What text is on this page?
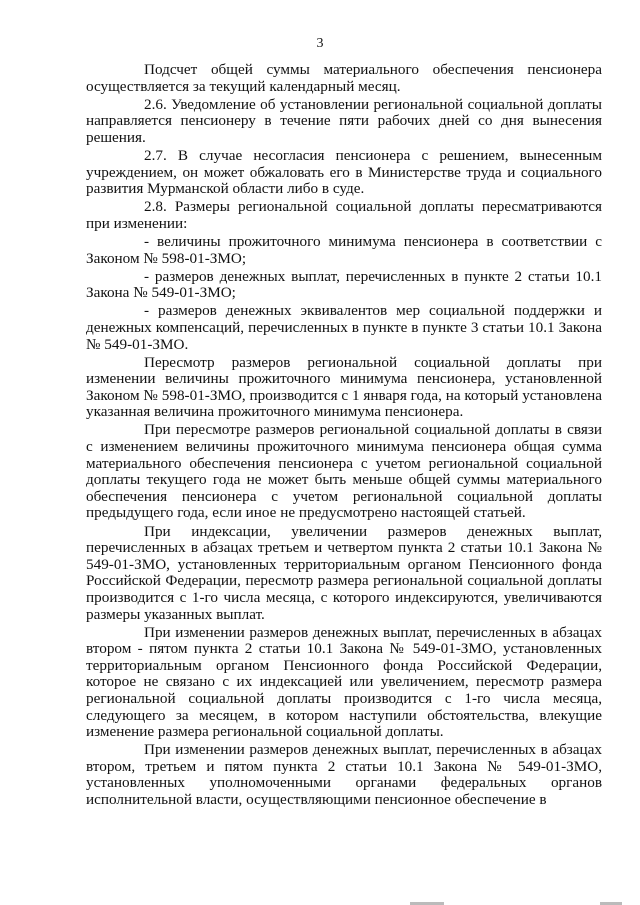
3

Подсчет общей суммы материального обеспечения пенсионера осуществляется за текущий календарный месяц.

2.6. Уведомление об установлении региональной социальной доплаты направляется пенсионеру в течение пяти рабочих дней со дня вынесения решения.

2.7. В случае несогласия пенсионера с решением, вынесенным учреждением, он может обжаловать его в Министерстве труда и социального развития Мурманской области либо в суде.

2.8. Размеры региональной социальной доплаты пересматриваются при изменении:

- величины прожиточного минимума пенсионера в соответствии с Законом № 598-01-ЗМО;

- размеров денежных выплат, перечисленных в пункте 2 статьи 10.1 Закона № 549-01-ЗМО;

- размеров денежных эквивалентов мер социальной поддержки и денежных компенсаций, перечисленных в пункте в пункте 3 статьи 10.1 Закона № 549-01-ЗМО.

Пересмотр размеров региональной социальной доплаты при изменении величины прожиточного минимума пенсионера, установленной Законом № 598-01-ЗМО, производится с 1 января года, на который установлена указанная величина прожиточного минимума пенсионера.

При пересмотре размеров региональной социальной доплаты в связи с изменением величины прожиточного минимума пенсионера общая сумма материального обеспечения пенсионера с учетом региональной социальной доплаты текущего года не может быть меньше общей суммы материального обеспечения пенсионера с учетом региональной социальной доплаты предыдущего года, если иное не предусмотрено настоящей статьей.

При индексации, увеличении размеров денежных выплат, перечисленных в абзацах третьем и четвертом пункта 2 статьи 10.1 Закона № 549-01-ЗМО, установленных территориальным органом Пенсионного фонда Российской Федерации, пересмотр размера региональной социальной доплаты производится с 1-го числа месяца, с которого индексируются, увеличиваются размеры указанных выплат.

При изменении размеров денежных выплат, перечисленных в абзацах втором - пятом пункта 2 статьи 10.1 Закона № 549-01-ЗМО, установленных территориальным органом Пенсионного фонда Российской Федерации, которое не связано с их индексацией или увеличением, пересмотр размера региональной социальной доплаты производится с 1-го числа месяца, следующего за месяцем, в котором наступили обстоятельства, влекущие изменение размера региональной социальной доплаты.

При изменении размеров денежных выплат, перечисленных в абзацах втором, третьем и пятом пункта 2 статьи 10.1 Закона № 549-01-ЗМО, установленных уполномоченными органами федеральных органов исполнительной власти, осуществляющими пенсионное обеспечение в
